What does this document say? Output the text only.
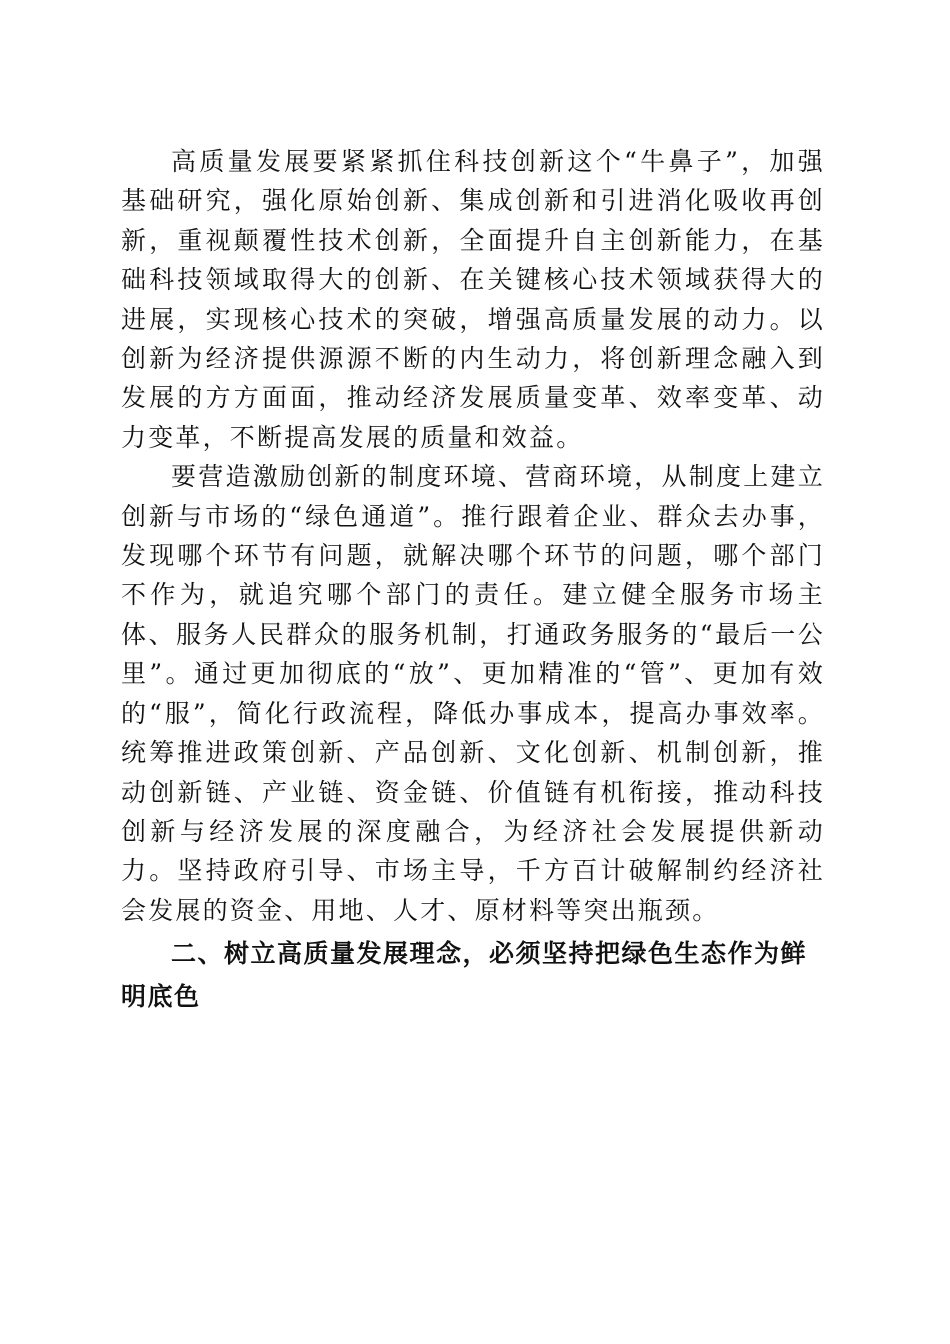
高质量发展要紧紧抓住科技创新这个“牛鼻子”，加强基础研究，强化原始创新、集成创新和引进消化吸收再创新，重视颠覆性技术创新，全面提升自主创新能力，在基础科技领域取得大的创新、在关键核心技术领域获得大的进展，实现核心技术的突破，增强高质量发展的动力。以创新为经济提供源源不断的内生动力，将创新理念融入到发展的方方面面，推动经济发展质量变革、效率变革、动力变革，不断提高发展的质量和效益。

要营造激励创新的制度环境、营商环境，从制度上建立创新与市场的“绿色通道”。推行跟着企业、群众去办事，发现哪个环节有问题，就解决哪个环节的问题，哪个部门不作为，就追究哪个部门的责任。建立健全服务市场主体、服务人民群众的服务机制，打通政务服务的“最后一公里”。通过更加彻底的“放”、更加精准的“管”、更加有效的“服”，简化行政流程，降低办事成本，提高办事效率。统筹推进政策创新、产品创新、文化创新、机制创新，推动创新链、产业链、资金链、价值链有机衔接，推动科技创新与经济发展的深度融合，为经济社会发展提供新动力。坚持政府引导、市场主导，千方百计破解制约经济社会发展的资金、用地、人才、原材料等突出瓶颈。

二、树立高质量发展理念，必须坚持把绿色生态作为鲜明底色
